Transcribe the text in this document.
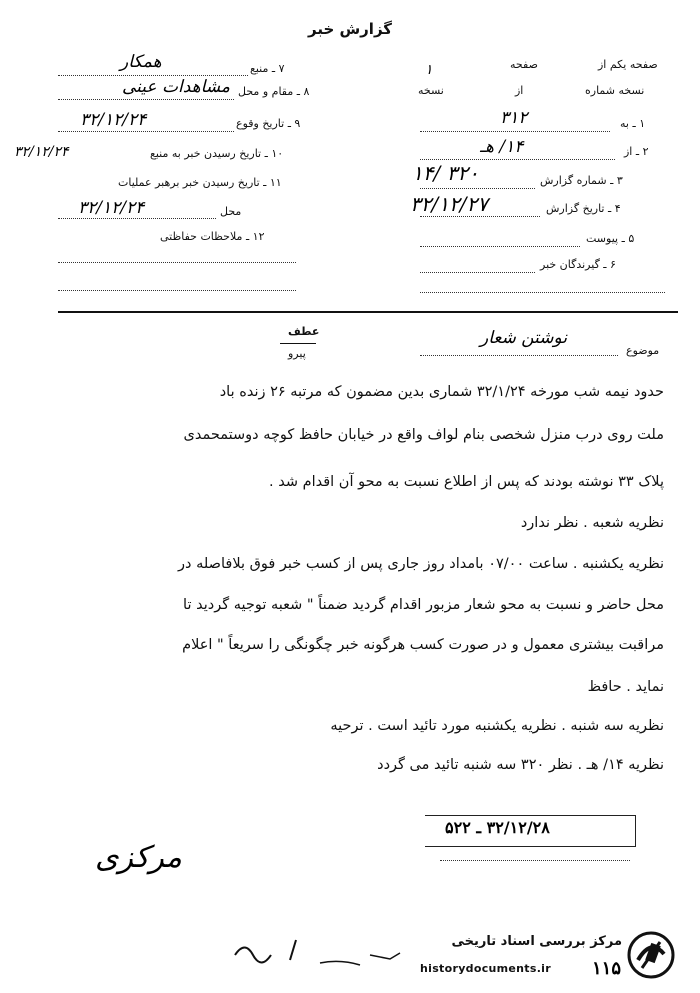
گزارش خبر
۷ ـ منبع
همکار
۸ ـ مقام و محل
مشاهدات عینی
۹ ـ تاریخ وقوع
۳۲/۱۲/۲۴
۱۰ ـ تاریخ رسیدن خبر به منبع
۳۲/۱۲/۲۴
۱۱ ـ تاریخ رسیدن خبر برهبر عملیات
محل
۳۲/۱۲/۲۴
۱۲ ـ ملاحظات حفاظتی
صفحه یکم از
صفحه
نسخه شماره
۱
از
نسخه
۱ ـ به
۳۱۲
۲ ـ از
۱۴/ هـ
۳ ـ شماره گزارش
۱۴/ ۳۲۰
۴ ـ تاریخ گزارش
۳۲/۱۲/۲۷
۵ ـ پیوست
۶ ـ گیرندگان خبر
عطف
پیرو	موضوع
نوشتن شعار
حدود نیمه شب مورخه ۳۲/۱/۲۴ شماری بدین مضمون که مرتبه ۲۶ زنده باد
ملت روی درب منزل شخصی بنام لواف واقع در خیابان حافظ کوچه دوستمحمدی
پلاک ۳۳ نوشته بودند که پس از اطلاع نسبت به محو آن اقدام شد .
نظریه شعبه . نظر ندارد
نظریه یکشنبه . ساعت ۰۷/۰۰ بامداد روز جاری پس از کسب خبر فوق بلافاصله در
محل حاضر و نسبت به محو شعار مزبور اقدام گردید ضمناً " شعبه توجیه گردید تا
مراقبت بیشتری معمول و در صورت کسب هرگونه خبر چگونگی را سریعاً " اعلام
نماید . حافظ
نظریه سه شنبه . نظریه یکشنبه مورد تائید است . ترحیه
نظریه ۱۴/ هـ . نظر ۳۲۰ سه شنبه تائید می گردد
۳۲/۱۲/۲۸ ـ ۵۲۲
مرکزی
۱۱۵
مرکز بررسی اسناد تاریخی
historydocuments.ir
